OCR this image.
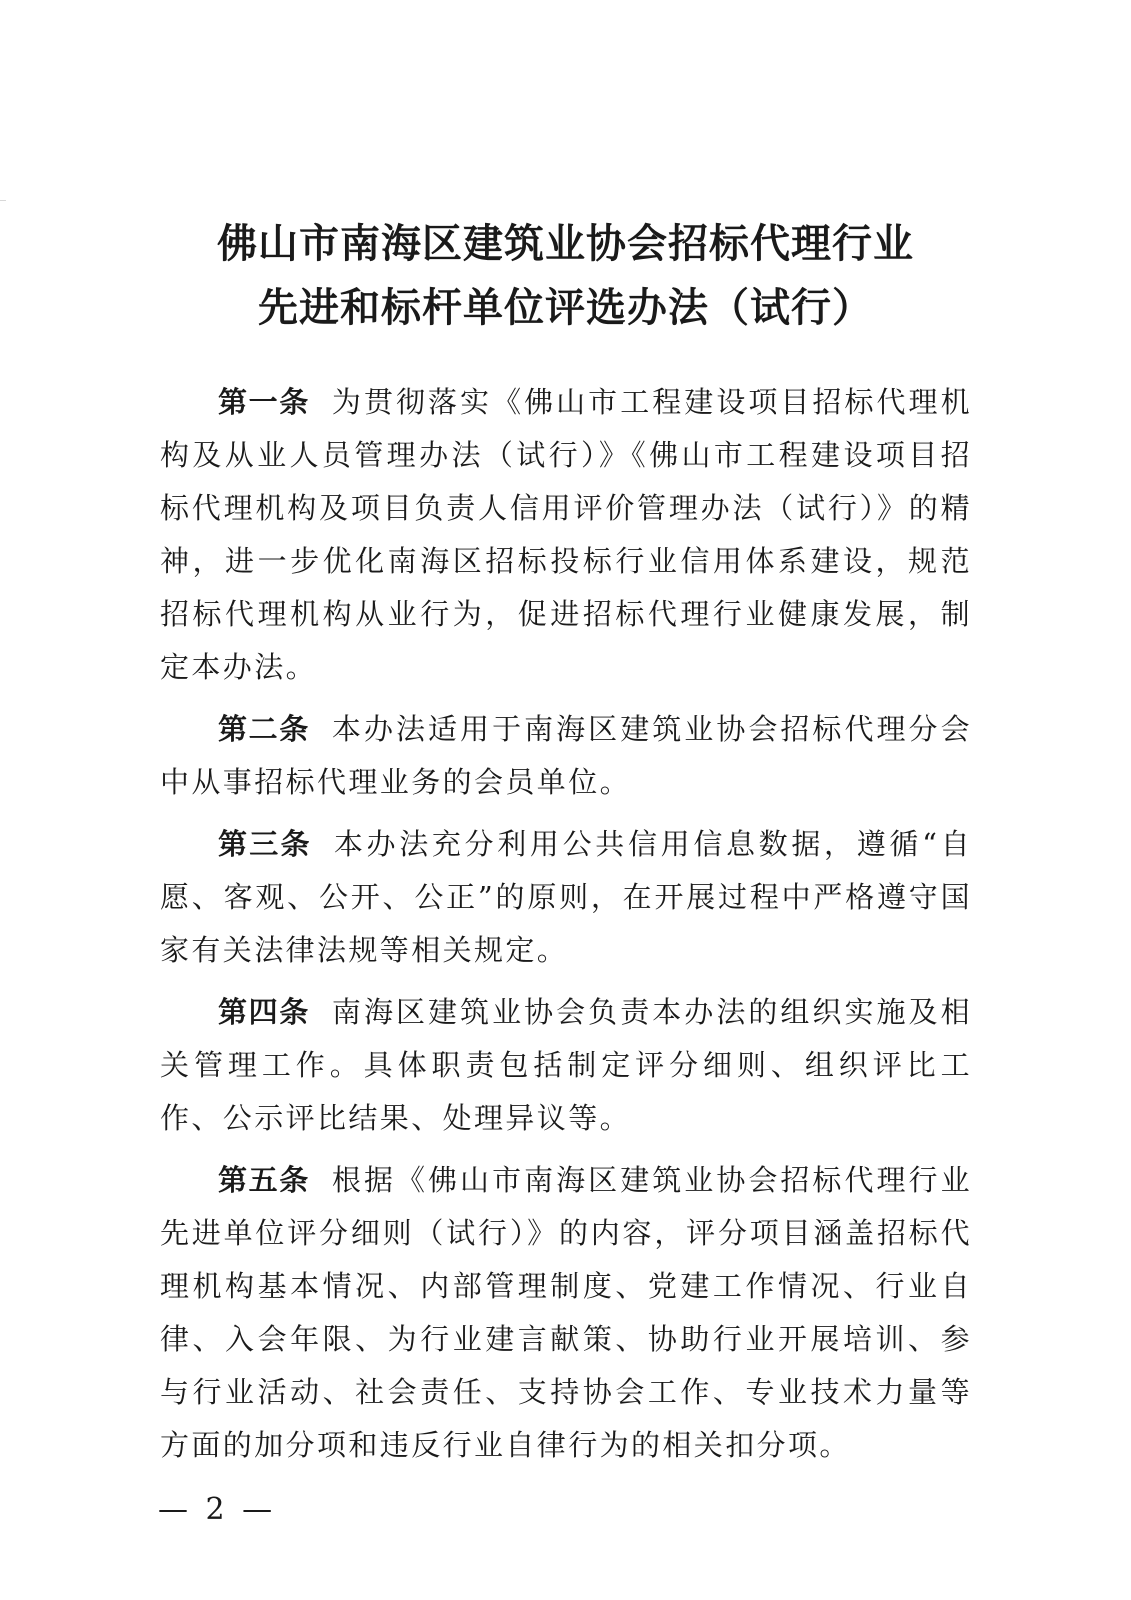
佛山市南海区建筑业协会招标代理行业
先进和标杆单位评选办法（试行）

第一条 为贯彻落实《佛山市工程建设项目招标代理机构及从业人员管理办法（试行）》《佛山市工程建设项目招标代理机构及项目负责人信用评价管理办法（试行）》的精神，进一步优化南海区招标投标行业信用体系建设，规范招标代理机构从业行为，促进招标代理行业健康发展，制定本办法。

第二条 本办法适用于南海区建筑业协会招标代理分会中从事招标代理业务的会员单位。

第三条 本办法充分利用公共信用信息数据，遵循“自愿、客观、公开、公正”的原则，在开展过程中严格遵守国家有关法律法规等相关规定。

第四条 南海区建筑业协会负责本办法的组织实施及相关管理工作。具体职责包括制定评分细则、组织评比工作、公示评比结果、处理异议等。

第五条 根据《佛山市南海区建筑业协会招标代理行业先进单位评分细则（试行）》的内容，评分项目涵盖招标代理机构基本情况、内部管理制度、党建工作情况、行业自律、入会年限、为行业建言献策、协助行业开展培训、参与行业活动、社会责任、支持协会工作、专业技术力量等方面的加分项和违反行业自律行为的相关扣分项。

— 2 —
